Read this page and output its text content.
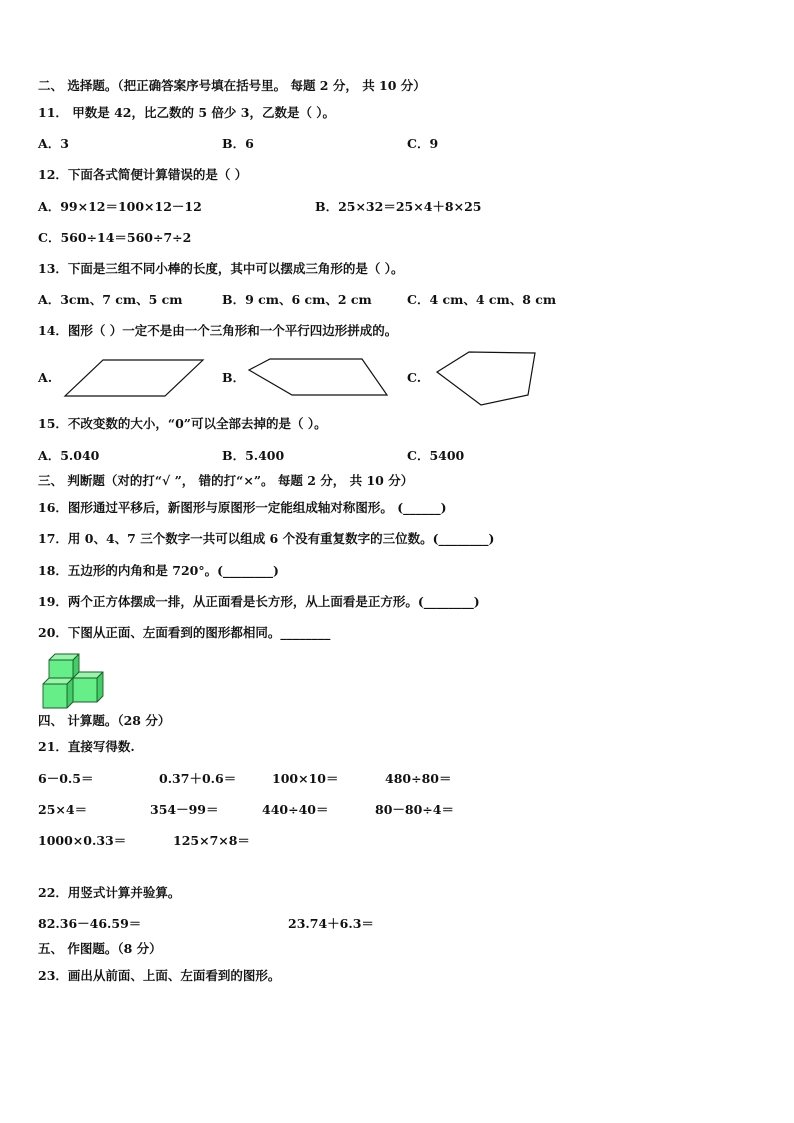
二、 选择题。（把正确答案序号填在括号里。 每题 2 分， 共 10 分）
11． 甲数是 42，比乙数的 5 倍少 3，乙数是（ ）。
A．3	B．6	C．9
12．下面各式简便计算错误的是（ ）
A．99×12＝100×12－12	B．25×32＝25×4＋8×25
C．560÷14＝560÷7÷2
13．下面是三组不同小棒的长度，其中可以摆成三角形的是（ ）。
A．3cm、7 cm、5 cm	B．9 cm、6 cm、2 cm	C．4 cm、4 cm、8 cm
14．图形（ ）一定不是由一个三角形和一个平行四边形拼成的。
A.	B．	C.
15．不改变数的大小，“0”可以全部去掉的是（ ）。
A．5.040	B．5.400	C．5400
三、 判断题（对的打“√ ”， 错的打“×”。 每题 2 分， 共 10 分）
16．图形通过平移后，新图形与原图形一定能组成轴对称图形。 (______)
17．用 0、4、7 三个数字一共可以组成 6 个没有重复数字的三位数。(________)
18．五边形的内角和是 720°。(________)
19．两个正方体摆成一排，从正面看是长方形，从上面看是正方形。(________)
20．下图从正面、左面看到的图形都相同。________
四、 计算题。（28 分）
21．直接写得数.
6－0.5＝	0.37＋0.6＝	100×10＝	480÷80＝
25×4＝	354－99＝	440÷40＝	80－80÷4＝
1000×0.33＝	125×7×8＝
22．用竖式计算并验算。
82.36－46.59＝	23.74＋6.3＝
五、 作图题。（8 分）
23．画出从前面、上面、左面看到的图形。
